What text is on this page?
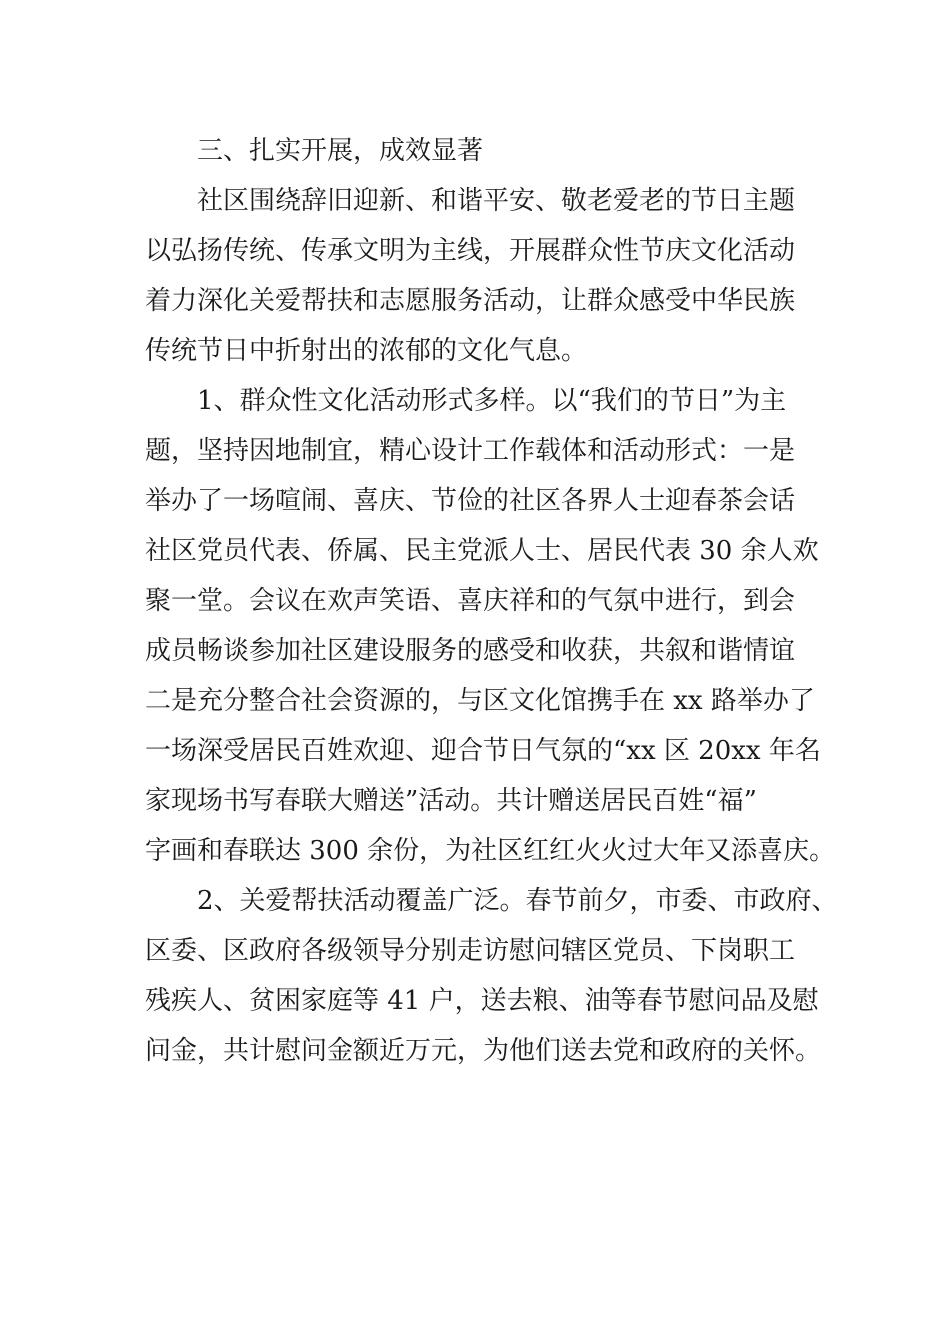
三、扎实开展，成效显著
社区围绕辞旧迎新、和谐平安、敬老爱老的节日主题
以弘扬传统、传承文明为主线，开展群众性节庆文化活动
着力深化关爱帮扶和志愿服务活动，让群众感受中华民族
传统节日中折射出的浓郁的文化气息。
1、群众性文化活动形式多样。以“我们的节日”为主
题，坚持因地制宜，精心设计工作载体和活动形式：一是
举办了一场喧闹、喜庆、节俭的社区各界人士迎春茶会话
社区党员代表、侨属、民主党派人士、居民代表 30 余人欢
聚一堂。会议在欢声笑语、喜庆祥和的气氛中进行，到会
成员畅谈参加社区建设服务的感受和收获，共叙和谐情谊
二是充分整合社会资源的，与区文化馆携手在 xx 路举办了
一场深受居民百姓欢迎、迎合节日气氛的“xx 区 20xx 年名
家现场书写春联大赠送”活动。共计赠送居民百姓“福”
字画和春联达 300 余份，为社区红红火火过大年又添喜庆。
2、关爱帮扶活动覆盖广泛。春节前夕，市委、市政府、
区委、区政府各级领导分别走访慰问辖区党员、下岗职工
残疾人、贫困家庭等 41 户，送去粮、油等春节慰问品及慰
问金，共计慰问金额近万元，为他们送去党和政府的关怀。
